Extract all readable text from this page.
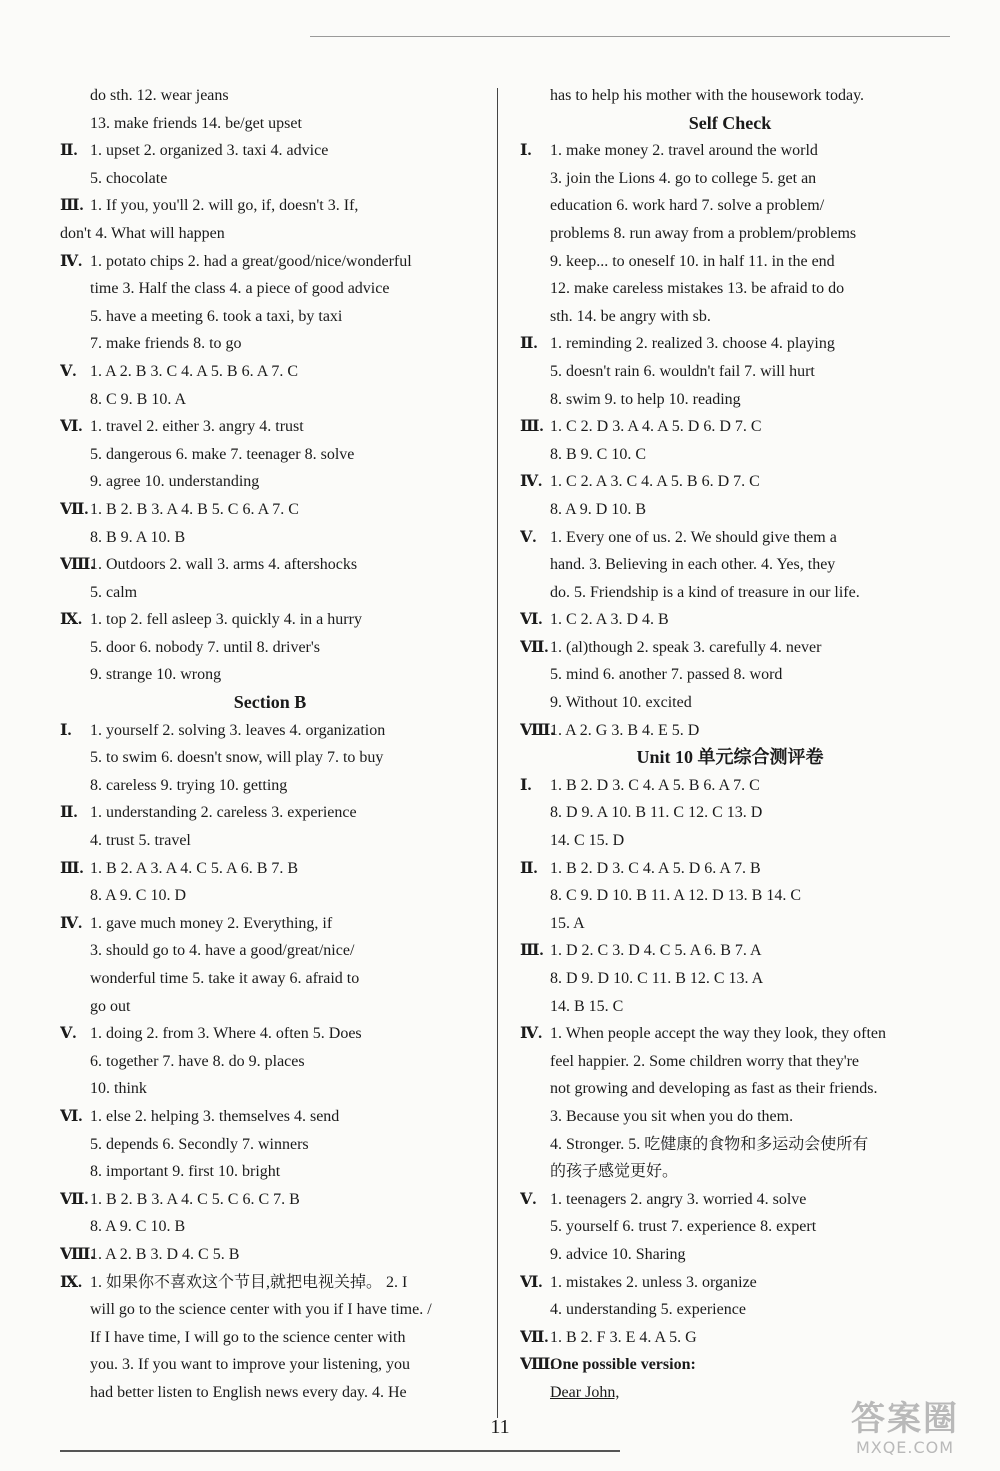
do sth. 12. wear jeans
13. make friends 14. be/get upset
Ⅱ. 1. upset 2. organized 3. taxi 4. advice
5. chocolate
Ⅲ. 1. If you, you'll 2. will go, if, doesn't 3. If,
don't 4. What will happen
Ⅳ. 1. potato chips 2. had a great/good/nice/wonderful
time 3. Half the class 4. a piece of good advice
5. have a meeting 6. took a taxi, by taxi
7. make friends 8. to go
Ⅴ. 1. A 2. B 3. C 4. A 5. B 6. A 7. C
8. C 9. B 10. A
Ⅵ. 1. travel 2. either 3. angry 4. trust
5. dangerous 6. make 7. teenager 8. solve
9. agree 10. understanding
Ⅶ.1. B 2. B 3. A 4. B 5. C 6. A 7. C
8. B 9. A 10. B
Ⅷ.1. Outdoors 2. wall 3. arms 4. aftershocks
5. calm
Ⅸ. 1. top 2. fell asleep 3. quickly 4. in a hurry
5. door 6. nobody 7. until 8. driver's
9. strange 10. wrong
Section B
Ⅰ. 1. yourself 2. solving 3. leaves 4. organization
5. to swim 6. doesn't snow, will play 7. to buy
8. careless 9. trying 10. getting
Ⅱ. 1. understanding 2. careless 3. experience
4. trust 5. travel
Ⅲ. 1. B 2. A 3. A 4. C 5. A 6. B 7. B
8. A 9. C 10. D
Ⅳ. 1. gave much money 2. Everything, if
3. should go to 4. have a good/great/nice/
wonderful time 5. take it away 6. afraid to
go out
Ⅴ. 1. doing 2. from 3. Where 4. often 5. Does
6. together 7. have 8. do 9. places
10. think
Ⅵ. 1. else 2. helping 3. themselves 4. send
5. depends 6. Secondly 7. winners
8. important 9. first 10. bright
Ⅶ.1. B 2. B 3. A 4. C 5. C 6. C 7. B
8. A 9. C 10. B
Ⅷ.1. A 2. B 3. D 4. C 5. B
Ⅸ. 1. 如果你不喜欢这个节目,就把电视关掉。 2. I
will go to the science center with you if I have time. /
If I have time, I will go to the science center with
you. 3. If you want to improve your listening, you
had better listen to English news every day. 4. He
has to help his mother with the housework today.
Self Check
Ⅰ. 1. make money 2. travel around the world
3. join the Lions 4. go to college 5. get an
education 6. work hard 7. solve a problem/
problems 8. run away from a problem/problems
9. keep... to oneself 10. in half 11. in the end
12. make careless mistakes 13. be afraid to do
sth. 14. be angry with sb.
Ⅱ. 1. reminding 2. realized 3. choose 4. playing
5. doesn't rain 6. wouldn't fail 7. will hurt
8. swim 9. to help 10. reading
Ⅲ. 1. C 2. D 3. A 4. A 5. D 6. D 7. C
8. B 9. C 10. C
Ⅳ. 1. C 2. A 3. C 4. A 5. B 6. D 7. C
8. A 9. D 10. B
Ⅴ. 1. Every one of us. 2. We should give them a
hand. 3. Believing in each other. 4. Yes, they
do. 5. Friendship is a kind of treasure in our life.
Ⅵ. 1. C 2. A 3. D 4. B
Ⅶ.1. (al)though 2. speak 3. carefully 4. never
5. mind 6. another 7. passed 8. word
9. Without 10. excited
Ⅷ.1. A 2. G 3. B 4. E 5. D
Unit 10 单元综合测评卷
Ⅰ. 1. B 2. D 3. C 4. A 5. B 6. A 7. C
8. D 9. A 10. B 11. C 12. C 13. D
14. C 15. D
Ⅱ. 1. B 2. D 3. C 4. A 5. D 6. A 7. B
8. C 9. D 10. B 11. A 12. D 13. B 14. C
15. A
Ⅲ. 1. D 2. C 3. D 4. C 5. A 6. B 7. A
8. D 9. D 10. C 11. B 12. C 13. A
14. B 15. C
Ⅳ. 1. When people accept the way they look, they often
feel happier. 2. Some children worry that they're
not growing and developing as fast as their friends.
3. Because you sit when you do them.
4. Stronger. 5. 吃健康的食物和多运动会使所有
的孩子感觉更好。
Ⅴ. 1. teenagers 2. angry 3. worried 4. solve
5. yourself 6. trust 7. experience 8. expert
9. advice 10. Sharing
Ⅵ. 1. mistakes 2. unless 3. organize
4. understanding 5. experience
Ⅶ.1. B 2. F 3. E 4. A 5. G
Ⅷ.One possible version:
Dear John,
11	答案圈
MXQE.COM
